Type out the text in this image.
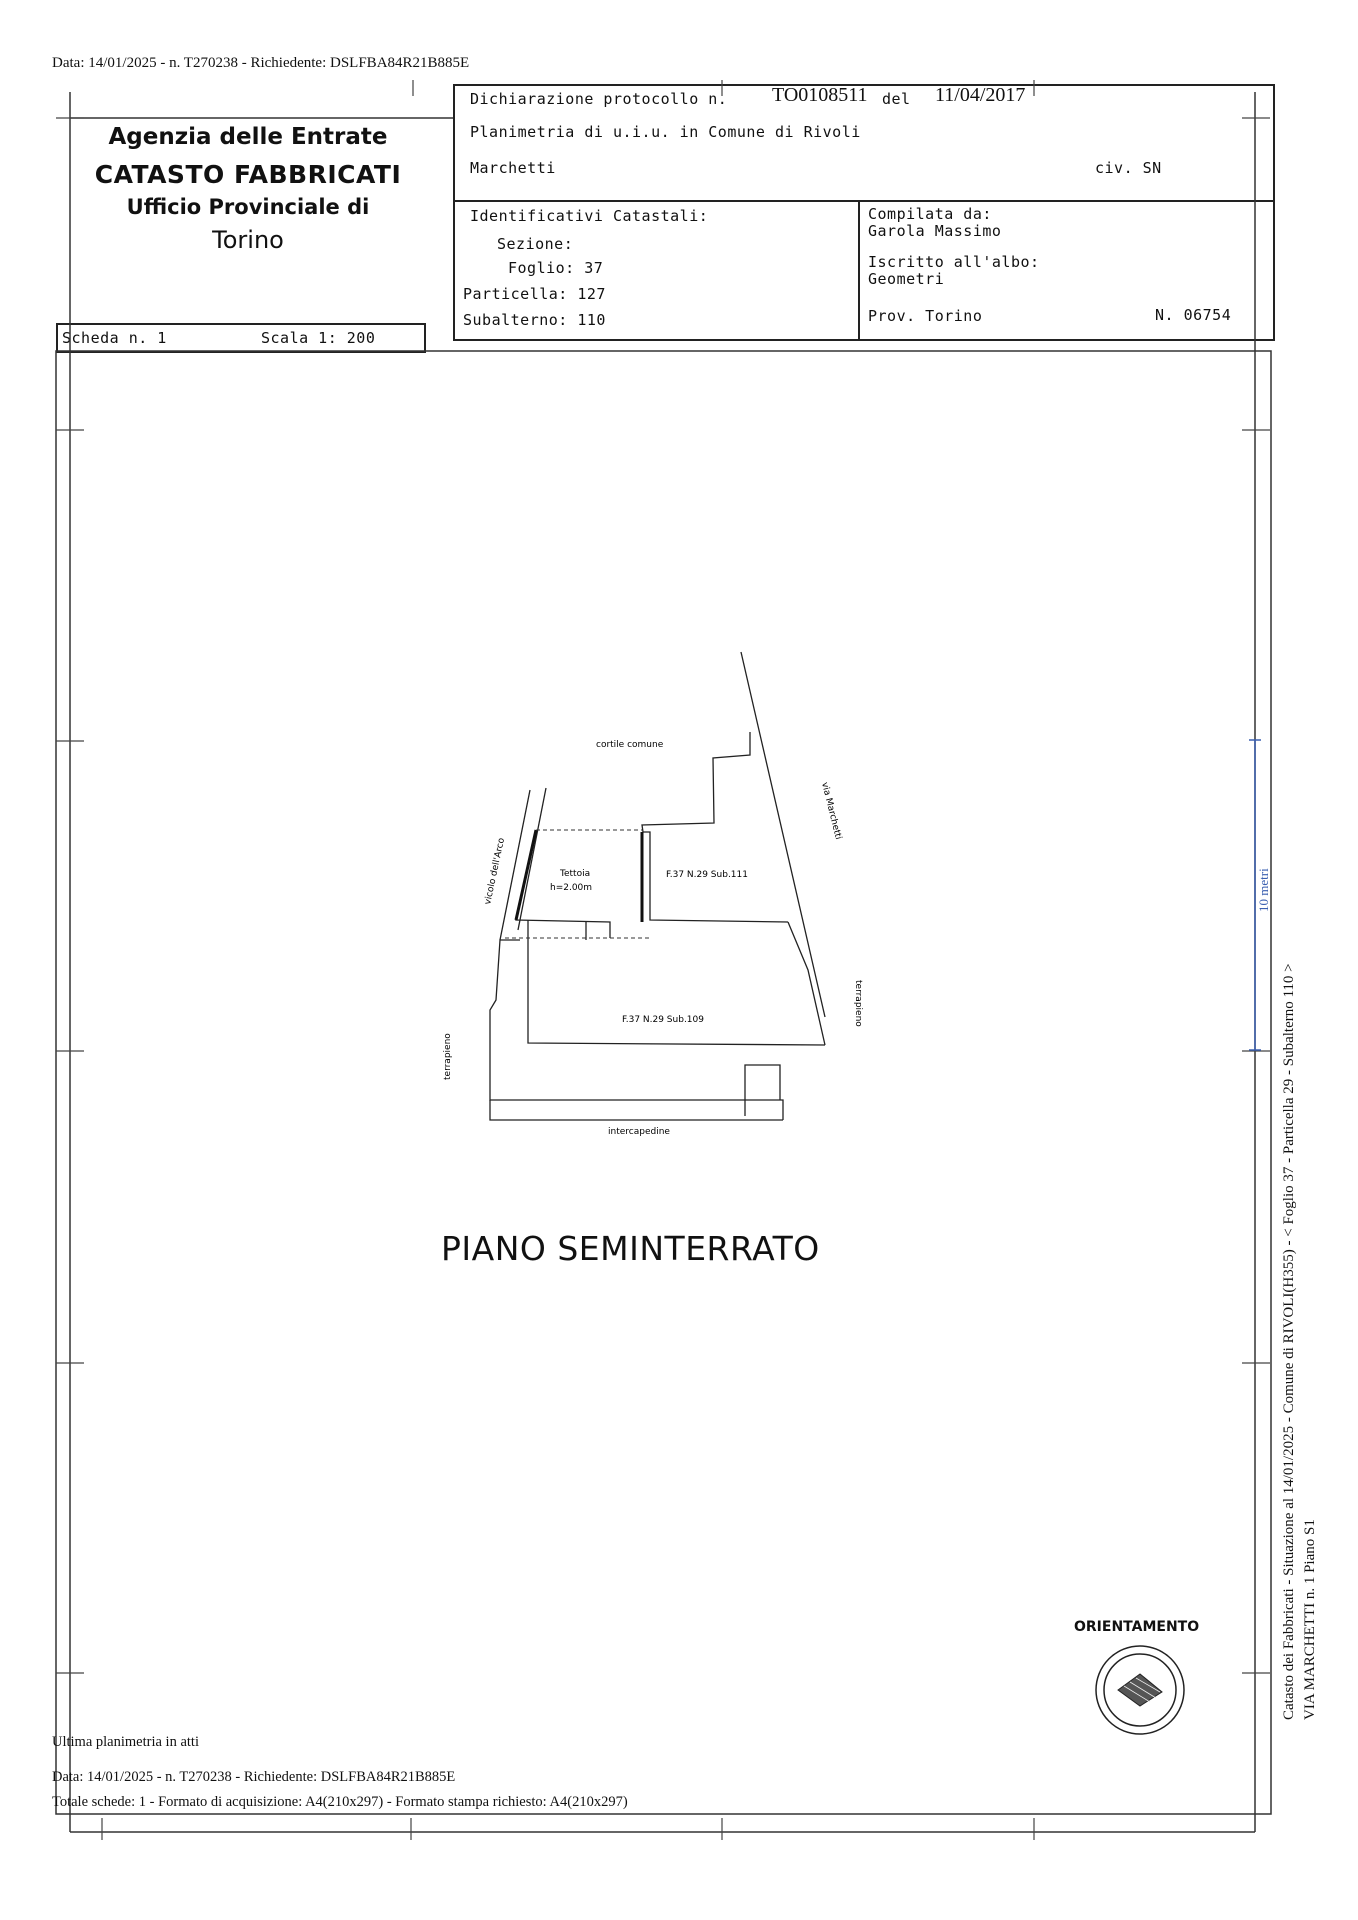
Data: 14/01/2025 - n. T270238 - Richiedente: DSLFBA84R21B885E
Agenzia delle Entrate
CATASTO FABBRICATI
Ufficio Provinciale di
Torino
Scheda n. 1	Scala 1: 200
Dichiarazione protocollo n. TO0108511 del 11/04/2017
Planimetria di u.i.u. in Comune di Rivoli
Marchetti	civ. SN
Identificativi Catastali:
Sezione:
Foglio: 37
Particella: 127
Subalterno: 110
Compilata da:
Garola Massimo
Iscritto all'albo:
Geometri
Prov. Torino	N. 06754
cortile comune
via Marchetti
vicolo dell'Arco	Tettoia
h=2.00m
F.37 N.29 Sub.111
F.37 N.29 Sub.109
terrapieno
terrapieno
intercapedine
PIANO SEMINTERRATO
ORIENTAMENTO
10 metri
Catasto dei Fabbricati - Situazione al 14/01/2025 - Comune di RIVOLI(H355) - < Foglio 37 - Particella 29 - Subalterno 110 > VIA MARCHETTI n. 1 Piano S1
Ultima planimetria in atti
Data: 14/01/2025 - n. T270238 - Richiedente: DSLFBA84R21B885E
Totale schede: 1 - Formato di acquisizione: A4(210x297) - Formato stampa richiesto: A4(210x297)
